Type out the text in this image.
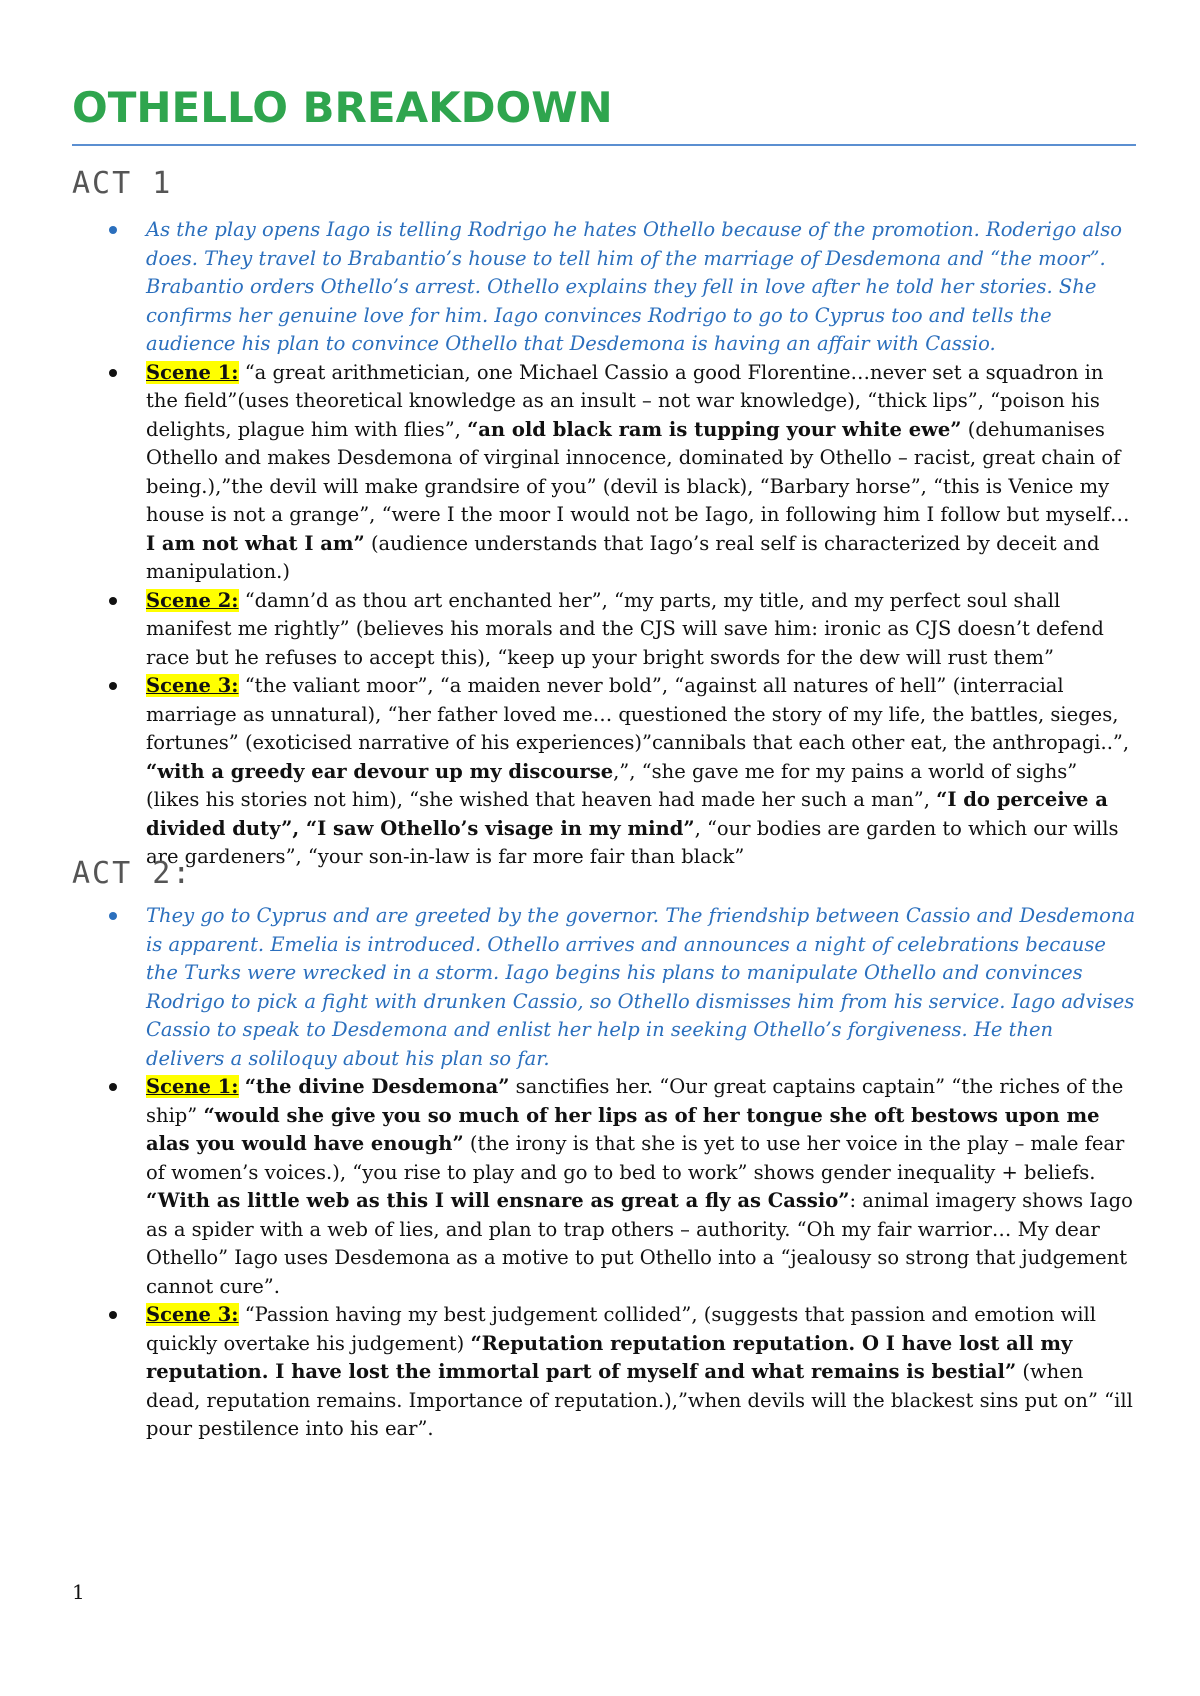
OTHELLO BREAKDOWN
ACT 1
As the play opens Iago is telling Rodrigo he hates Othello because of the promotion. Roderigo also does. They travel to Brabantio’s house to tell him of the marriage of Desdemona and “the moor”. Brabantio orders Othello’s arrest. Othello explains they fell in love after he told her stories. She confirms her genuine love for him. Iago convinces Rodrigo to go to Cyprus too and tells the audience his plan to convince Othello that Desdemona is having an affair with Cassio.
Scene 1: “a great arithmetician, one Michael Cassio a good Florentine…never set a squadron in the field”(uses theoretical knowledge as an insult – not war knowledge), “thick lips”, “poison his delights, plague him with flies”, “an old black ram is tupping your white ewe” (dehumanises Othello and makes Desdemona of virginal innocence, dominated by Othello – racist, great chain of being.),”the devil will make grandsire of you” (devil is black), “Barbary horse”, “this is Venice my house is not a grange”, “were I the moor I would not be Iago, in following him I follow but myself… I am not what I am” (audience understands that Iago’s real self is characterized by deceit and manipulation.)
Scene 2: “damn’d as thou art enchanted her”, “my parts, my title, and my perfect soul shall manifest me rightly” (believes his morals and the CJS will save him: ironic as CJS doesn’t defend race but he refuses to accept this), “keep up your bright swords for the dew will rust them”
Scene 3: “the valiant moor”, “a maiden never bold”, “against all natures of hell” (interracial marriage as unnatural), “her father loved me… questioned the story of my life, the battles, sieges, fortunes” (exoticised narrative of his experiences)”cannibals that each other eat, the anthropagi..”, “with a greedy ear devour up my discourse,”, “she gave me for my pains a world of sighs” (likes his stories not him), “she wished that heaven had made her such a man”, “I do perceive a divided duty”, “I saw Othello’s visage in my mind”, “our bodies are garden to which our wills are gardeners”, “your son-in-law is far more fair than black”
ACT 2:
They go to Cyprus and are greeted by the governor. The friendship between Cassio and Desdemona is apparent. Emelia is introduced. Othello arrives and announces a night of celebrations because the Turks were wrecked in a storm. Iago begins his plans to manipulate Othello and convinces Rodrigo to pick a fight with drunken Cassio, so Othello dismisses him from his service. Iago advises Cassio to speak to Desdemona and enlist her help in seeking Othello’s forgiveness. He then delivers a soliloquy about his plan so far.
Scene 1: “the divine Desdemona” sanctifies her. “Our great captains captain” “the riches of the ship” “would she give you so much of her lips as of her tongue she oft bestows upon me alas you would have enough” (the irony is that she is yet to use her voice in the play – male fear of women’s voices.), “you rise to play and go to bed to work” shows gender inequality + beliefs. “With as little web as this I will ensnare as great a fly as Cassio”: animal imagery shows Iago as a spider with a web of lies, and plan to trap others – authority. “Oh my fair warrior… My dear Othello” Iago uses Desdemona as a motive to put Othello into a “jealousy so strong that judgement cannot cure”.
Scene 3: “Passion having my best judgement collided”, (suggests that passion and emotion will quickly overtake his judgement) “Reputation reputation reputation. O I have lost all my reputation. I have lost the immortal part of myself and what remains is bestial” (when dead, reputation remains. Importance of reputation.),”when devils will the blackest sins put on” “ill pour pestilence into his ear”.
1
